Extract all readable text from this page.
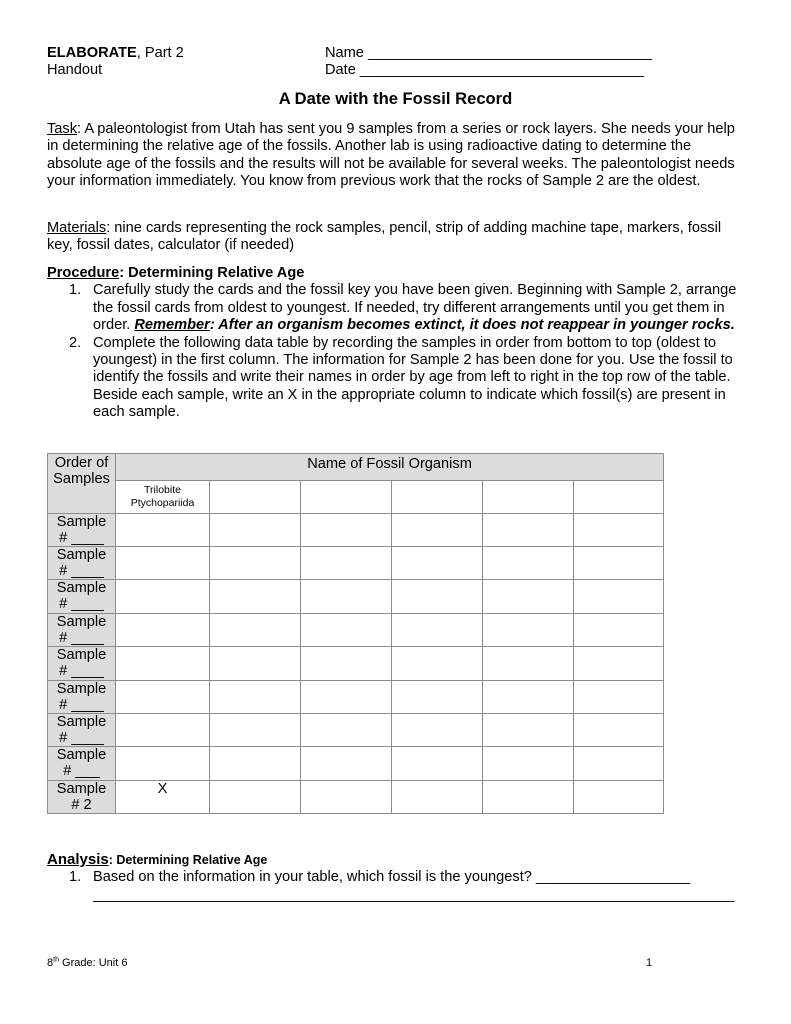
ELABORATE, Part 2
Handout
Name ___________________________________
Date ___________________________________
A Date with the Fossil Record
Task: A paleontologist from Utah has sent you 9 samples from a series or rock layers. She needs your help in determining the relative age of the fossils. Another lab is using radioactive dating to determine the absolute age of the fossils and the results will not be available for several weeks. The paleontologist needs your information immediately. You know from previous work that the rocks of Sample 2 are the oldest.
Materials: nine cards representing the rock samples, pencil, strip of adding machine tape, markers, fossil key, fossil dates, calculator (if needed)
Procedure: Determining Relative Age
1. Carefully study the cards and the fossil key you have been given. Beginning with Sample 2, arrange the fossil cards from oldest to youngest. If needed, try different arrangements until you get them in order. Remember: After an organism becomes extinct, it does not reappear in younger rocks.
2. Complete the following data table by recording the samples in order from bottom to top (oldest to youngest) in the first column. The information for Sample 2 has been done for you. Use the fossil to identify the fossils and write their names in order by age from left to right in the top row of the table. Beside each sample, write an X in the appropriate column to indicate which fossil(s) are present in each sample.
Order of Samples	Name of Fossil Organism					
	Trilobite Ptychopariida					

Sample
# ____						

Sample
# ____						

Sample
# ____						

Sample
# ____						

Sample
# ____						

Sample
# ____						

Sample
# ____						

Sample
# ___						

Sample
# 2	X					
Analysis: Determining Relative Age
1. Based on the information in your table, which fossil is the youngest? ___________________
_______________________________________________________________________________
8th Grade: Unit 6	1
